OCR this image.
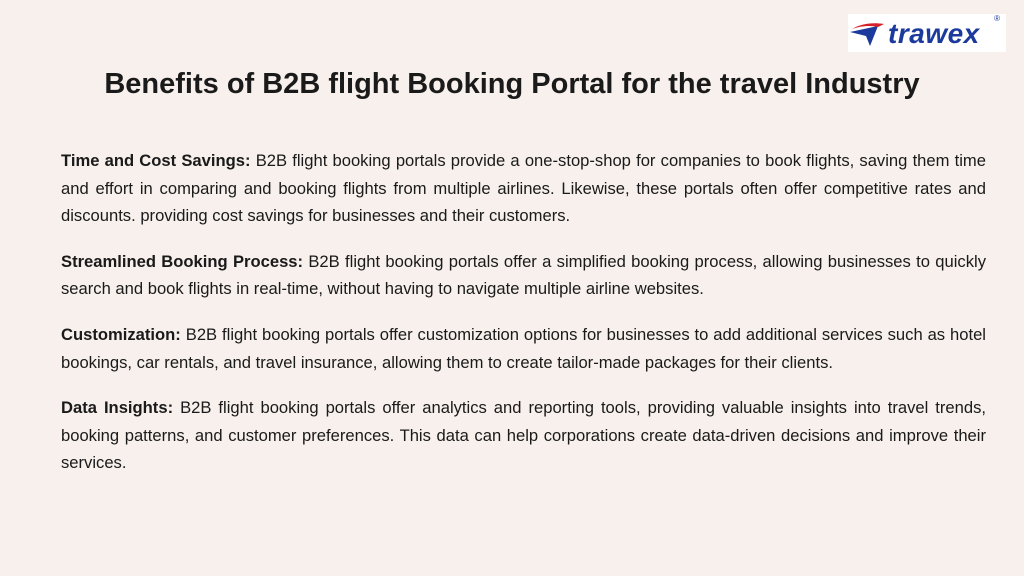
trawex ®
Benefits of B2B flight Booking Portal for the travel Industry

Time and Cost Savings: B2B flight booking portals provide a one-stop-shop for companies to book flights, saving them time and effort in comparing and booking flights from multiple airlines. Likewise, these portals often offer competitive rates and discounts. providing cost savings for businesses and their customers.

Streamlined Booking Process: B2B flight booking portals offer a simplified booking process, allowing businesses to quickly search and book flights in real-time, without having to navigate multiple airline websites.

Customization: B2B flight booking portals offer customization options for businesses to add additional services such as hotel bookings, car rentals, and travel insurance, allowing them to create tailor-made packages for their clients.

Data Insights: B2B flight booking portals offer analytics and reporting tools, providing valuable insights into travel trends, booking patterns, and customer preferences. This data can help corporations create data-driven decisions and improve their services.
